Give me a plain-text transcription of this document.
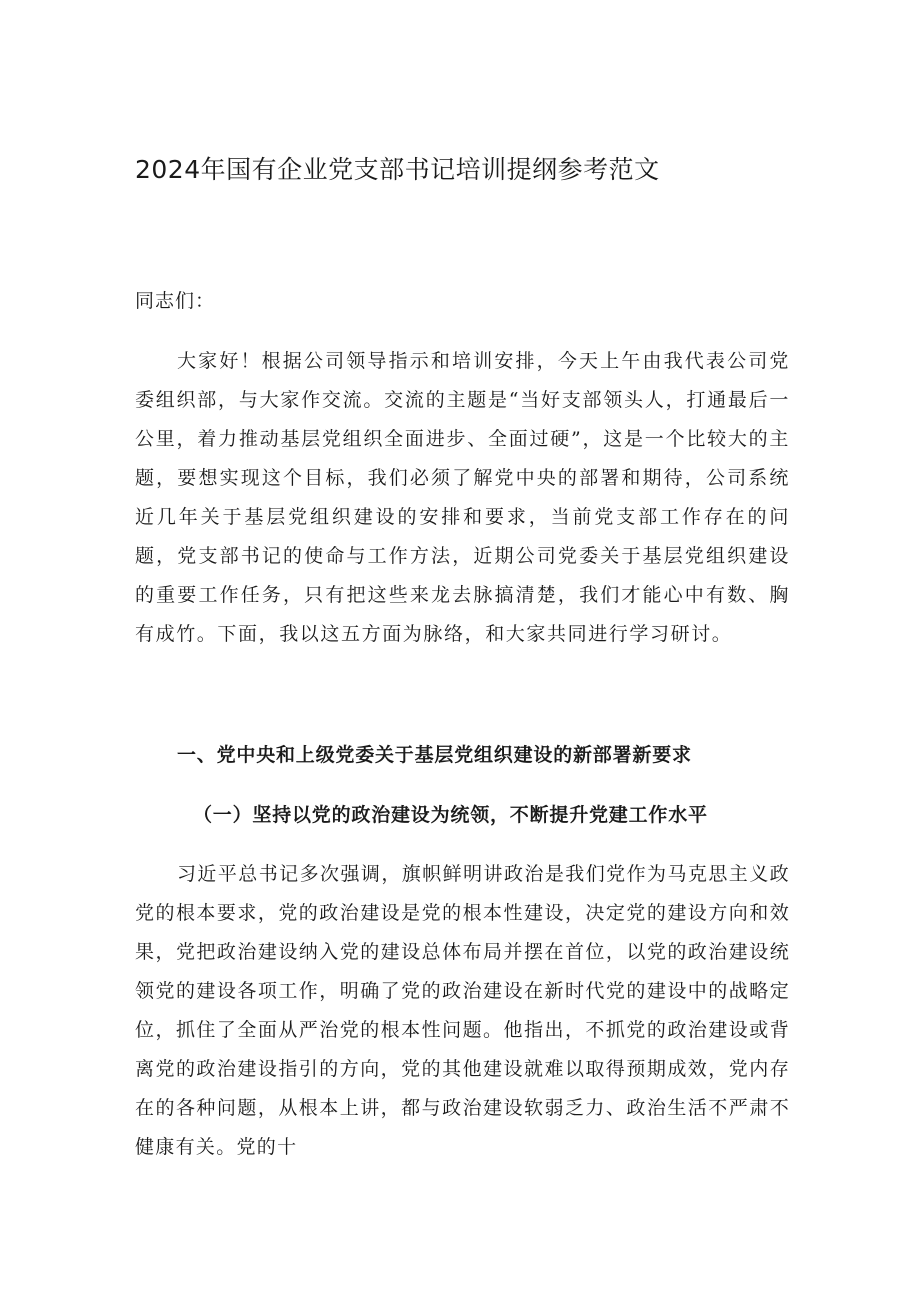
2024年国有企业党支部书记培训提纲参考范文

同志们：

大家好！根据公司领导指示和培训安排，今天上午由我代表公司党委组织部，与大家作交流。交流的主题是“当好支部领头人，打通最后一公里，着力推动基层党组织全面进步、全面过硬”，这是一个比较大的主题，要想实现这个目标，我们必须了解党中央的部署和期待，公司系统近几年关于基层党组织建设的安排和要求，当前党支部工作存在的问题，党支部书记的使命与工作方法，近期公司党委关于基层党组织建设的重要工作任务，只有把这些来龙去脉搞清楚，我们才能心中有数、胸有成竹。下面，我以这五方面为脉络，和大家共同进行学习研讨。

一、党中央和上级党委关于基层党组织建设的新部署新要求

（一）坚持以党的政治建设为统领，不断提升党建工作水平

习近平总书记多次强调，旗帜鲜明讲政治是我们党作为马克思主义政党的根本要求，党的政治建设是党的根本性建设，决定党的建设方向和效果，党把政治建设纳入党的建设总体布局并摆在首位，以党的政治建设统领党的建设各项工作，明确了党的政治建设在新时代党的建设中的战略定位，抓住了全面从严治党的根本性问题。他指出，不抓党的政治建设或背离党的政治建设指引的方向，党的其他建设就难以取得预期成效，党内存在的各种问题，从根本上讲，都与政治建设软弱乏力、政治生活不严肃不健康有关。党的十
